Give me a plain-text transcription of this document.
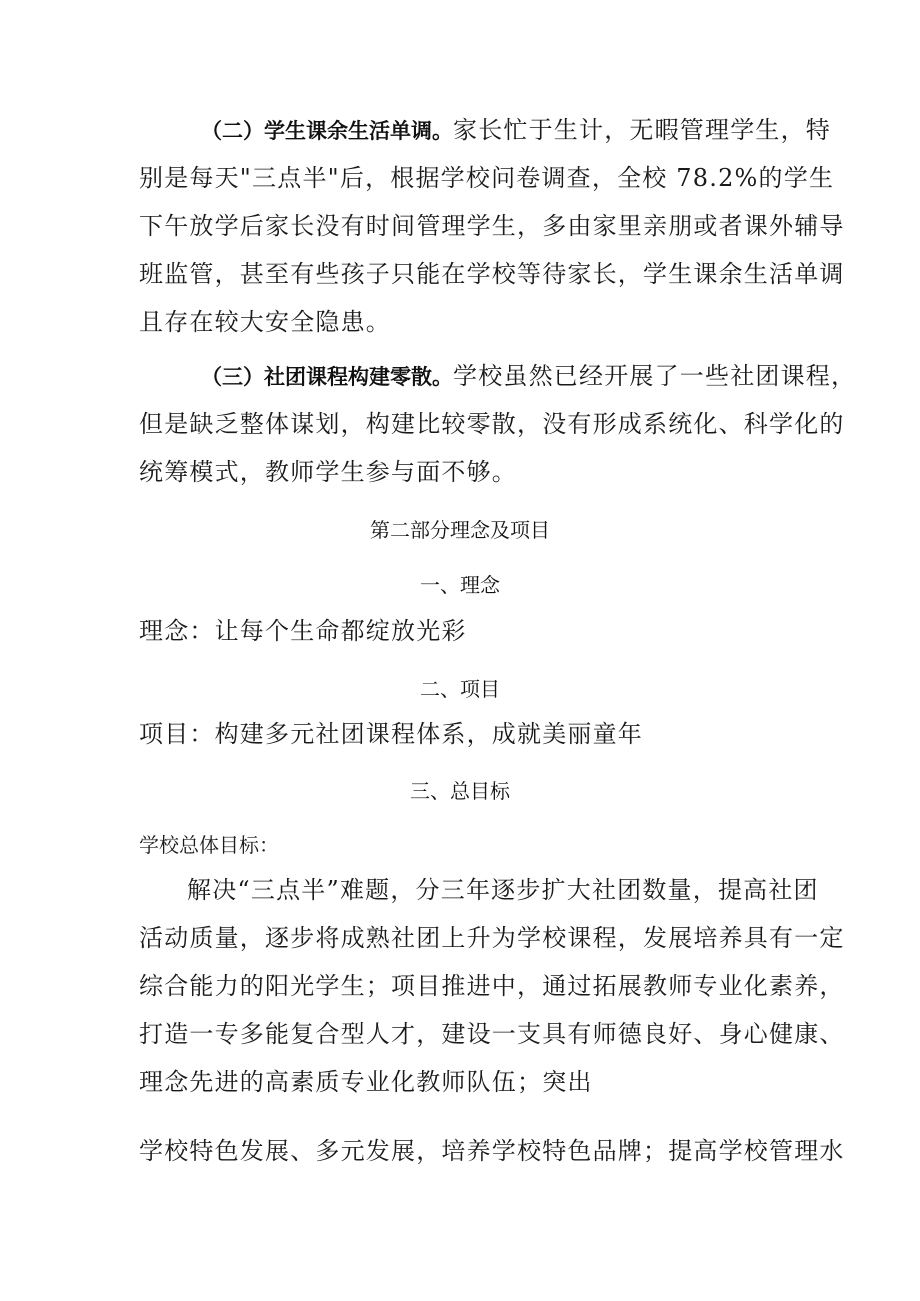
（二）学生课余生活单调。家长忙于生计，无暇管理学生，特
别是每天"三点半"后，根据学校问卷调查，全校 78.2%的学生
下午放学后家长没有时间管理学生，多由家里亲朋或者课外辅导
班监管，甚至有些孩子只能在学校等待家长，学生课余生活单调
且存在较大安全隐患。
（三）社团课程构建零散。学校虽然已经开展了一些社团课程，
但是缺乏整体谋划，构建比较零散，没有形成系统化、科学化的
统筹模式，教师学生参与面不够。
第二部分理念及项目
一、理念

理念：让每个生命都绽放光彩

二、项目

项目：构建多元社团课程体系，成就美丽童年

三、总目标

学校总体目标：

解决“三点半”难题，分三年逐步扩大社团数量，提高社团
活动质量，逐步将成熟社团上升为学校课程，发展培养具有一定
综合能力的阳光学生；项目推进中，通过拓展教师专业化素养，
打造一专多能复合型人才，建设一支具有师德良好、身心健康、
理念先进的高素质专业化教师队伍；突出

学校特色发展、多元发展，培养学校特色品牌；提高学校管理水
